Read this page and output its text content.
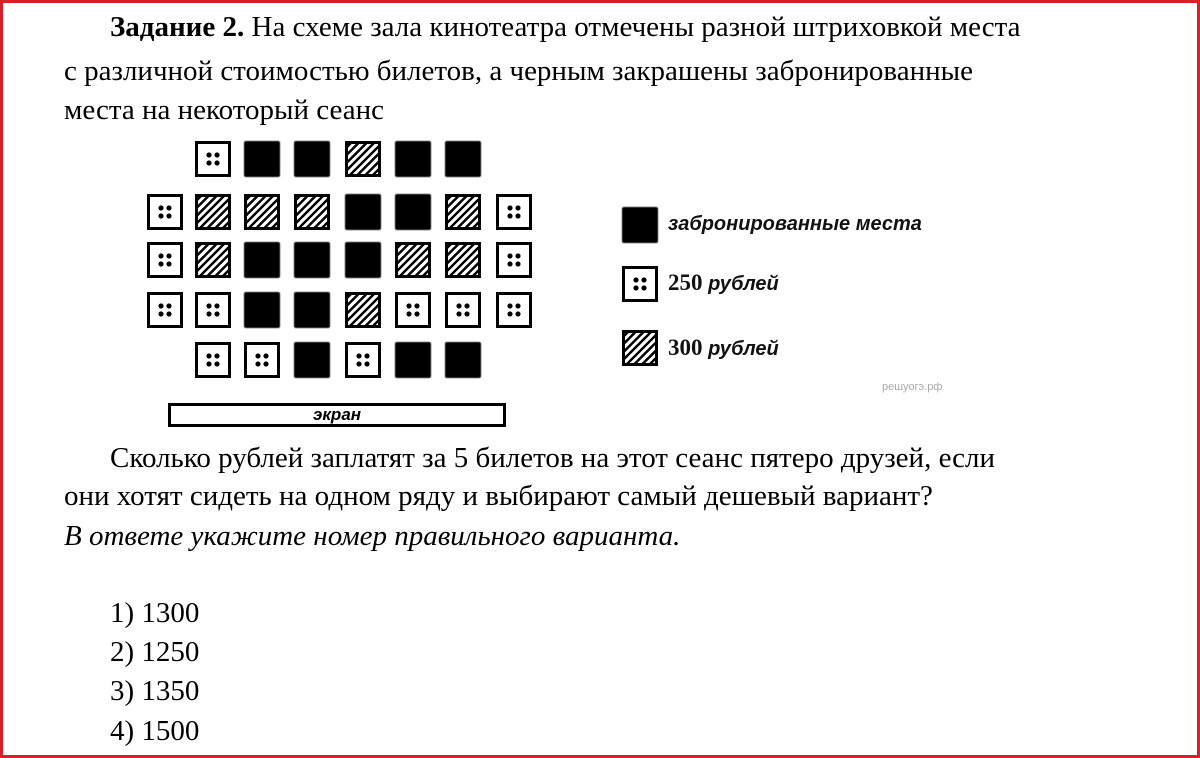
Задание 2. На схеме зала кинотеатра отмечены разной штриховкой места
с различной стоимостью билетов, а черным закрашены забронированные
места на некоторый сеанс
экран
решуогэ.рф
забронированные места
250 рублей
300 рублей
Сколько рублей заплатят за 5 билетов на этот сеанс пятеро друзей, если
они хотят сидеть на одном ряду и выбирают самый дешевый вариант?
В ответе укажите номер правильного варианта.
1) 1300
2) 1250
3) 1350
4) 1500
